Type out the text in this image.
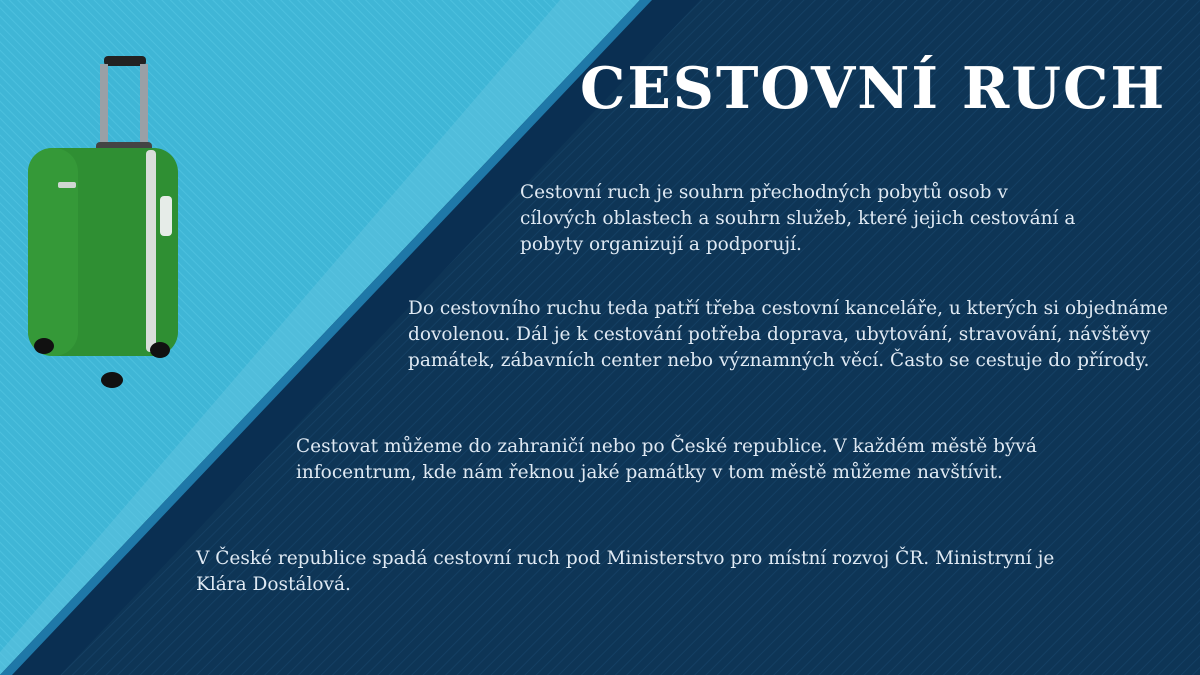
CESTOVNÍ RUCH

Cestovní ruch je souhrn přechodných pobytů osob v cílových oblastech a souhrn služeb, které jejich cestování a pobyty organizují a podporují.

Do cestovního ruchu teda patří třeba cestovní kanceláře, u kterých si objednáme dovolenou. Dál je k cestování potřeba doprava, ubytování, stravování, návštěvy památek, zábavních center nebo významných věcí. Často se cestuje do přírody.

Cestovat můžeme do zahraničí nebo po České republice. V každém městě bývá infocentrum, kde nám řeknou jaké památky v tom městě můžeme navštívit.

V České republice spadá cestovní ruch pod Ministerstvo pro místní rozvoj ČR. Ministryní je Klára Dostálová.
